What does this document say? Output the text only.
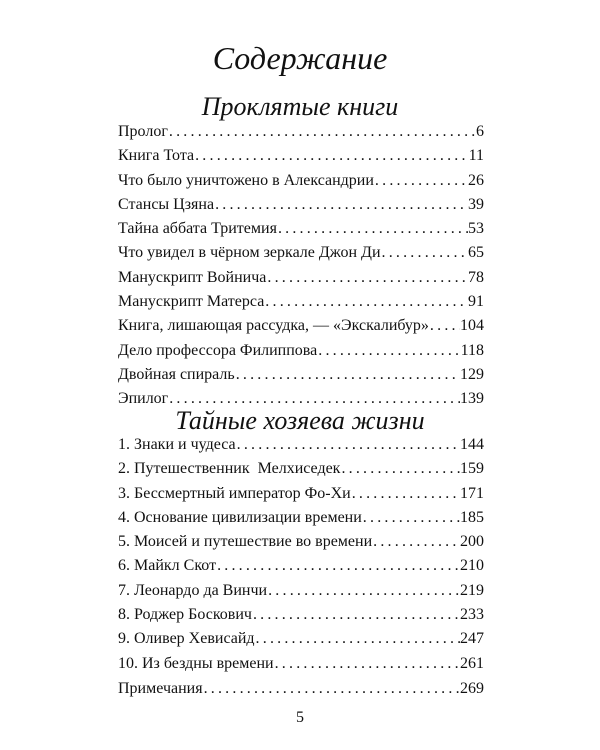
Содержание
Проклятые книги
Пролог .....	6
Книга Тота .....	11
Что было уничтожено в Александрии .....	26
Стансы Цзяна .....	39
Тайна аббата Тритемия .....	53
Что увидел в чёрном зеркале Джон Ди .....	65
Манускрипт Войнича .....	78
Манускрипт Матерса .....	91
Книга, лишающая рассудка, — «Экскалибур» ..... 104
Дело профессора Филиппова .....	118
Двойная спираль .....	129
Эпилог .....	139
Тайные хозяева жизни
1. Знаки и чудеса .....	144
2. Путешественник  Мелхиседек .....	159
3. Бессмертный император Фо-Хи .....	171
4. Основание цивилизации времени .....	185
5. Моисей и путешествие во времени .....	200
6. Майкл Скот .....	210
7. Леонардо да Винчи .....	219
8. Роджер Боскович .....	233
9. Оливер Хевисайд .....	247
10. Из бездны времени .....	261
Примечания .....	269
5
